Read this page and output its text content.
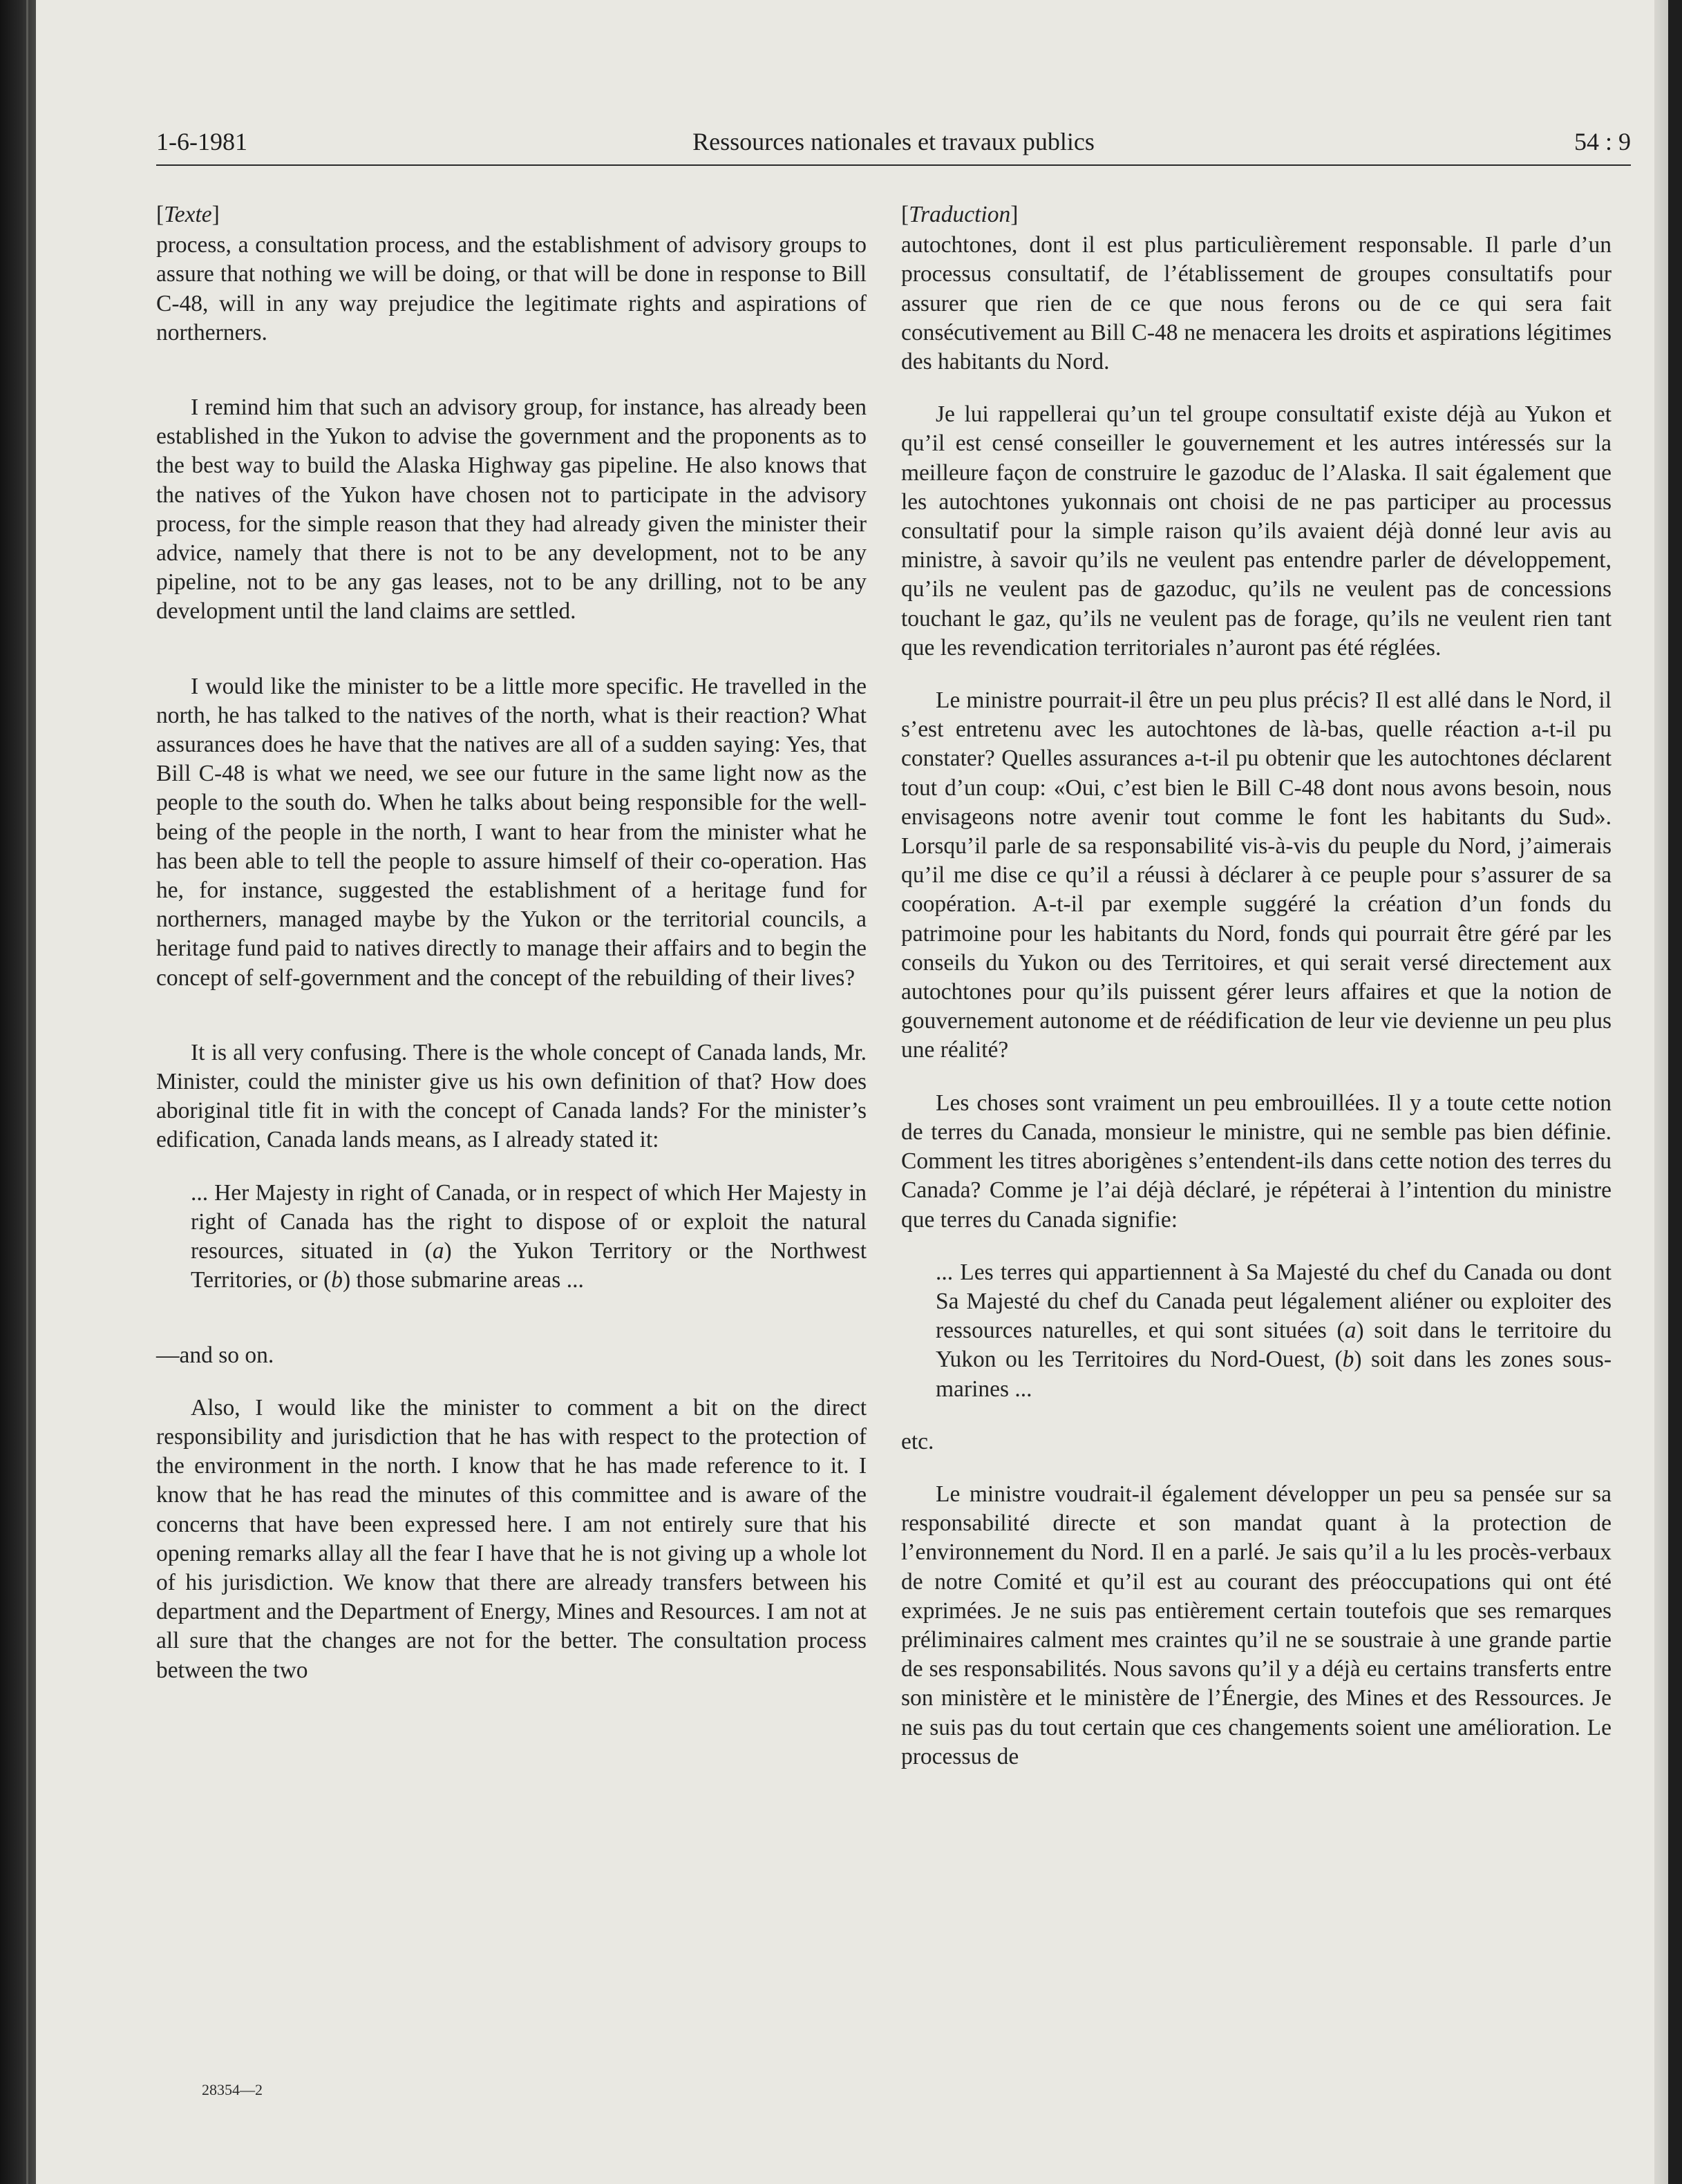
1-6-1981	Ressources nationales et travaux publics	54 : 9

[Texte]

process, a consultation process, and the establishment of advisory groups to assure that nothing we will be doing, or that will be done in response to Bill C-48, will in any way prejudice the legitimate rights and aspirations of northerners.

I remind him that such an advisory group, for instance, has already been established in the Yukon to advise the government and the proponents as to the best way to build the Alaska Highway gas pipeline. He also knows that the natives of the Yukon have chosen not to participate in the advisory process, for the simple reason that they had already given the minister their advice, namely that there is not to be any development, not to be any pipeline, not to be any gas leases, not to be any drilling, not to be any development until the land claims are settled.

I would like the minister to be a little more specific. He travelled in the north, he has talked to the natives of the north, what is their reaction? What assurances does he have that the natives are all of a sudden saying: Yes, that Bill C-48 is what we need, we see our future in the same light now as the people to the south do. When he talks about being responsible for the well-being of the people in the north, I want to hear from the minister what he has been able to tell the people to assure himself of their co-operation. Has he, for instance, suggested the establishment of a heritage fund for northerners, managed maybe by the Yukon or the territorial councils, a heritage fund paid to natives directly to manage their affairs and to begin the concept of self-government and the concept of the rebuilding of their lives?

It is all very confusing. There is the whole concept of Canada lands, Mr. Minister, could the minister give us his own definition of that? How does aboriginal title fit in with the concept of Canada lands? For the minister’s edification, Canada lands means, as I already stated it:

... Her Majesty in right of Canada, or in respect of which Her Majesty in right of Canada has the right to dispose of or exploit the natural resources, situated in (a) the Yukon Territory or the Northwest Territories, or (b) those submarine areas ...

—and so on.

Also, I would like the minister to comment a bit on the direct responsibility and jurisdiction that he has with respect to the protection of the environment in the north. I know that he has made reference to it. I know that he has read the minutes of this committee and is aware of the concerns that have been expressed here. I am not entirely sure that his opening remarks allay all the fear I have that he is not giving up a whole lot of his jurisdiction. We know that there are already transfers between his department and the Department of Energy, Mines and Resources. I am not at all sure that the changes are not for the better. The consultation process between the two

[Traduction]

autochtones, dont il est plus particulièrement responsable. Il parle d’un processus consultatif, de l’établissement de groupes consultatifs pour assurer que rien de ce que nous ferons ou de ce qui sera fait consécutivement au Bill C-48 ne menacera les droits et aspirations légitimes des habitants du Nord.

Je lui rappellerai qu’un tel groupe consultatif existe déjà au Yukon et qu’il est censé conseiller le gouvernement et les autres intéressés sur la meilleure façon de construire le gazoduc de l’Alaska. Il sait également que les autochtones yukonnais ont choisi de ne pas participer au processus consultatif pour la simple raison qu’ils avaient déjà donné leur avis au ministre, à savoir qu’ils ne veulent pas entendre parler de développement, qu’ils ne veulent pas de gazoduc, qu’ils ne veulent pas de concessions touchant le gaz, qu’ils ne veulent pas de forage, qu’ils ne veulent rien tant que les revendication territoriales n’auront pas été réglées.

Le ministre pourrait-il être un peu plus précis? Il est allé dans le Nord, il s’est entretenu avec les autochtones de là-bas, quelle réaction a-t-il pu constater? Quelles assurances a-t-il pu obtenir que les autochtones déclarent tout d’un coup: «Oui, c’est bien le Bill C-48 dont nous avons besoin, nous envisageons notre avenir tout comme le font les habitants du Sud». Lorsqu’il parle de sa responsabilité vis-à-vis du peuple du Nord, j’aimerais qu’il me dise ce qu’il a réussi à déclarer à ce peuple pour s’assurer de sa coopération. A-t-il par exemple suggéré la création d’un fonds du patrimoine pour les habitants du Nord, fonds qui pourrait être géré par les conseils du Yukon ou des Territoires, et qui serait versé directement aux autochtones pour qu’ils puissent gérer leurs affaires et que la notion de gouvernement autonome et de réédification de leur vie devienne un peu plus une réalité?

Les choses sont vraiment un peu embrouillées. Il y a toute cette notion de terres du Canada, monsieur le ministre, qui ne semble pas bien définie. Comment les titres aborigènes s’entendent-ils dans cette notion des terres du Canada? Comme je l’ai déjà déclaré, je répéterai à l’intention du ministre que terres du Canada signifie:

... Les terres qui appartiennent à Sa Majesté du chef du Canada ou dont Sa Majesté du chef du Canada peut légalement aliéner ou exploiter des ressources naturelles, et qui sont situées (a) soit dans le territoire du Yukon ou les Territoires du Nord-Ouest, (b) soit dans les zones sous-marines ...

etc.

Le ministre voudrait-il également développer un peu sa pensée sur sa responsabilité directe et son mandat quant à la protection de l’environnement du Nord. Il en a parlé. Je sais qu’il a lu les procès-verbaux de notre Comité et qu’il est au courant des préoccupations qui ont été exprimées. Je ne suis pas entièrement certain toutefois que ses remarques préliminaires calment mes craintes qu’il ne se soustraie à une grande partie de ses responsabilités. Nous savons qu’il y a déjà eu certains transferts entre son ministère et le ministère de l’Énergie, des Mines et des Ressources. Je ne suis pas du tout certain que ces changements soient une amélioration. Le processus de

28354—2
